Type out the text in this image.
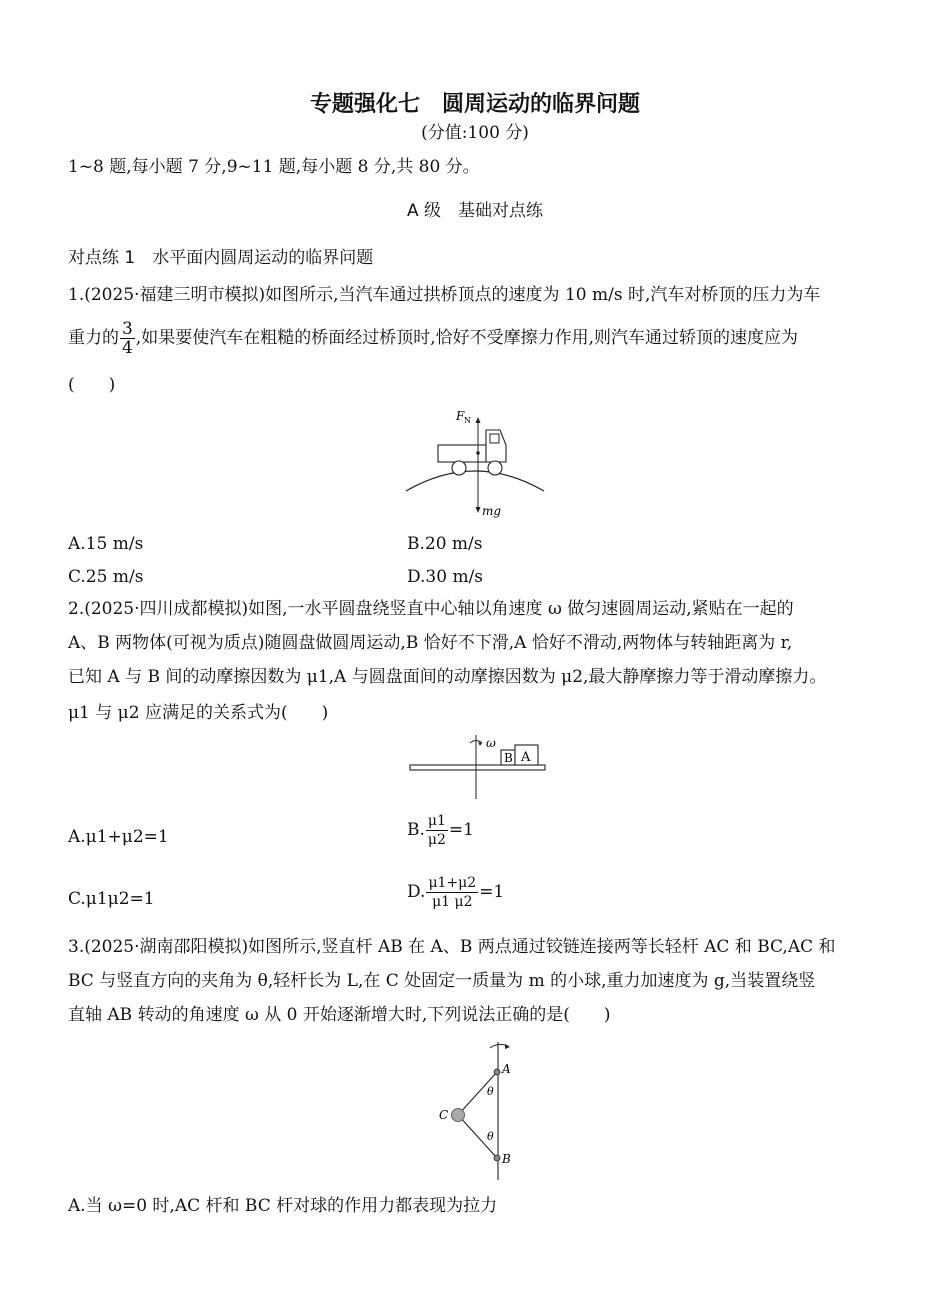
专题强化七　圆周运动的临界问题
(分值:100 分)
1~8 题,每小题 7 分,9~11 题,每小题 8 分,共 80 分。
A 级　基础对点练
对点练 1　水平面内圆周运动的临界问题
1.(2025·福建三明市模拟)如图所示,当汽车通过拱桥顶点的速度为 10 m/s 时,汽车对桥顶的压力为车
重力的 $\frac{3}{4}$ ,如果要使汽车在粗糙的桥面经过桥顶时,恰好不受摩擦力作用,则汽车通过轿顶的速度应为
(　　)
F N
mg
A.15 m/s	B.20 m/s
C.25 m/s	D.30 m/s
2.(2025·四川成都模拟)如图,一水平圆盘绕竖直中心轴以角速度 ω 做匀速圆周运动,紧贴在一起的
A、B 两物体(可视为质点)随圆盘做圆周运动,B 恰好不下滑,A 恰好不滑动,两物体与转轴距离为 r,
已知 A 与 B 间的动摩擦因数为 μ1,A 与圆盘面间的动摩擦因数为 μ2,最大静摩擦力等于滑动摩擦力。
μ1 与 μ2 应满足的关系式为(　　)
ω
B A
A.μ1+μ2=1	B. $\frac{\mu 1}{\mu 2} =1$
C.μ1μ2=1	D. $\frac{\mu 1+\mu 2}{\mu 1 \mu 2} =1$
3.(2025·湖南邵阳模拟)如图所示,竖直杆 AB 在 A、B 两点通过铰链连接两等长轻杆 AC 和 BC,AC 和
BC 与竖直方向的夹角为 θ,轻杆长为 L,在 C 处固定一质量为 m 的小球,重力加速度为 g,当装置绕竖
直轴 AB 转动的角速度 ω 从 0 开始逐渐增大时,下列说法正确的是(　　)
A
B
C
θ
θ
A.当 ω=0 时,AC 杆和 BC 杆对球的作用力都表现为拉力
